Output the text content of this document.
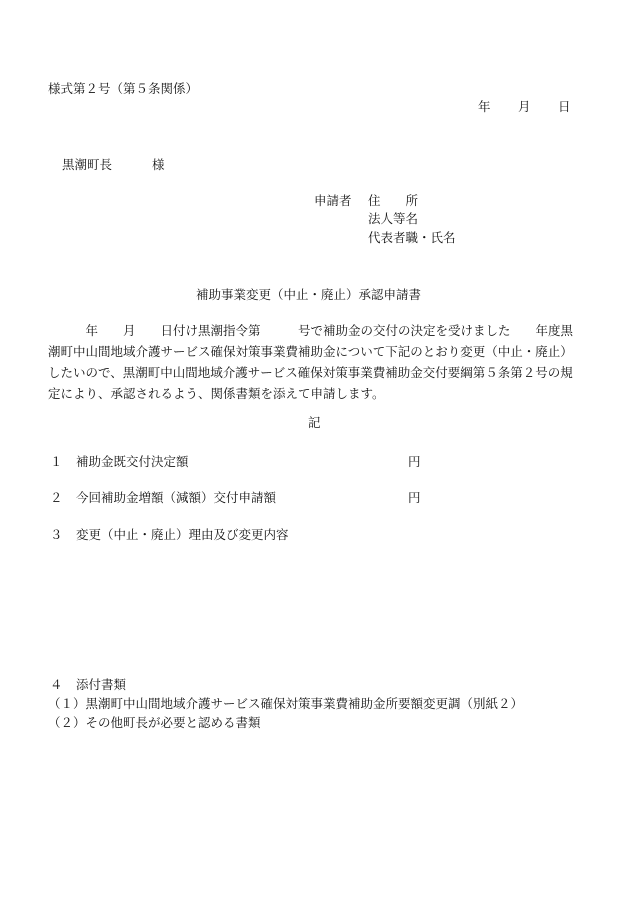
様式第２号（第５条関係）
年 月 日
黒潮町長	様
申請者 住　　所
法人等名
代表者職・氏名
補助事業変更（中止・廃止）承認申請書
　　　年　　月　　日付け黒潮指令第　　　号で補助金の交付の決定を受けました　　年度黒潮町中山間地域介護サービス確保対策事業費補助金について下記のとおり変更（中止・廃止）したいので、黒潮町中山間地域介護サービス確保対策事業費補助金交付要綱第５条第２号の規定により、承認されるよう、関係書類を添えて申請します。
記
１ 補助金既交付決定額	円
２ 今回補助金増額（減額）交付申請額	円
３ 変更（中止・廃止）理由及び変更内容
４ 添付書類
（１）黒潮町中山間地域介護サービス確保対策事業費補助金所要額変更調（別紙２）
（２）その他町長が必要と認める書類
